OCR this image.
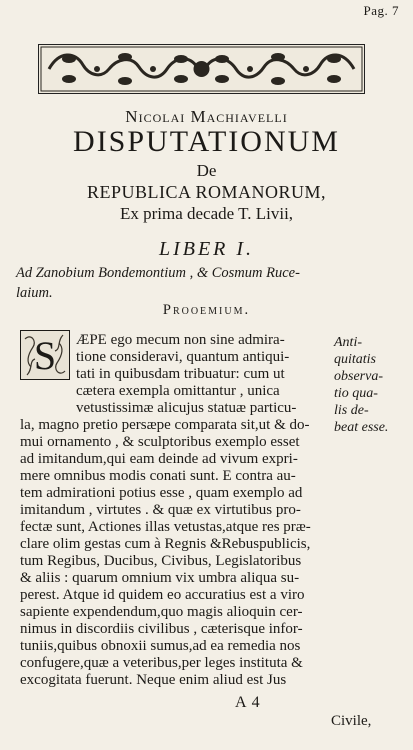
Pag. 7
Nicolai Machiavelli
DISPUTATIONUM
De
REPUBLICA ROMANORUM,
Ex prima decade T. Livii,
LIBER I.
Ad Zanobium Bondemontium , & Cosmum Ruce-
laium.
Prooemium.
S ÆPE ego mecum non sine admira-
tione consideravi, quantum antiqui-
tati in quibusdam tribuatur: cum ut
cætera exempla omittantur , unica
vetustissimæ alicujus statuæ particu-
la, magno pretio persæpe comparata sit,ut & do-
mui ornamento , & sculptoribus exemplo esset
ad imitandum,qui eam deinde ad vivum expri-
mere omnibus modis conati sunt. E contra au-
tem admirationi potius esse , quam exemplo ad
imitandum , virtutes . & quæ ex virtutibus pro-
fectæ sunt, Actiones illas vetustas,atque res præ-
clare olim gestas cum à Regnis &Rebuspublicis,
tum Regibus, Ducibus, Civibus, Legislatoribus
& aliis : quarum omnium vix umbra aliqua su-
perest. Atque id quidem eo accuratius est a viro
sapiente expendendum,quo magis alioquin cer-
nimus in discordiis civilibus , cæterisque infor-
tuniis,quibus obnoxii sumus,ad ea remedia nos
confugere,quæ a veteribus,per leges instituta &
excogitata fuerunt. Neque enim aliud est Jus
Anti-
quitatis
observa-
tio qua-
lis de-
beat esse.
A 4
Civile,
